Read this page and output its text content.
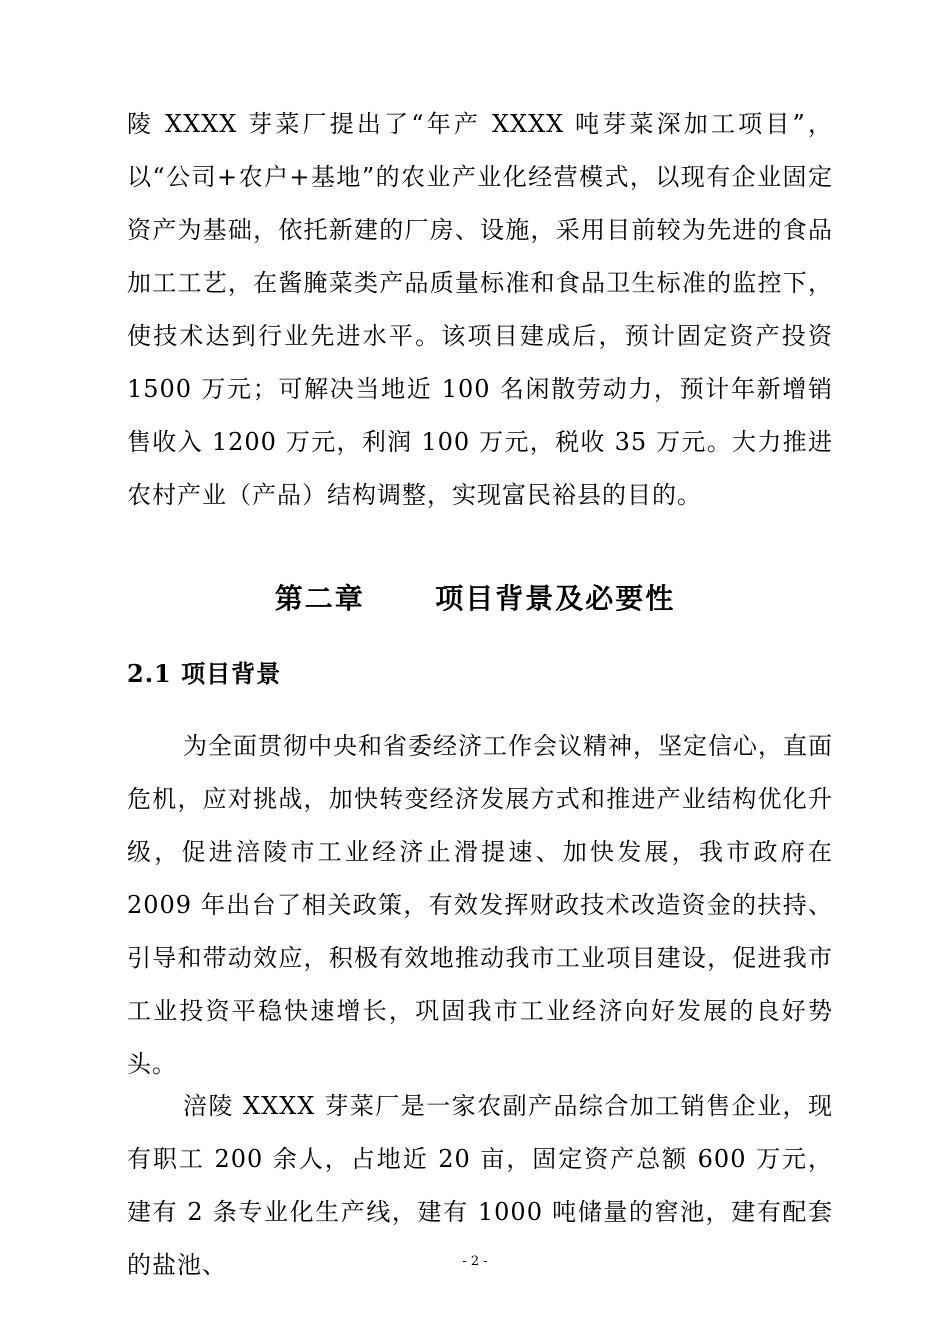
陵 XXXX 芽菜厂提出了“年产 XXXX 吨芽菜深加工项目”，以“公司+农户+基地”的农业产业化经营模式，以现有企业固定资产为基础，依托新建的厂房、设施，采用目前较为先进的食品加工工艺，在酱腌菜类产品质量标准和食品卫生标准的监控下，使技术达到行业先进水平。该项目建成后，预计固定资产投资 1500 万元；可解决当地近 100 名闲散劳动力，预计年新增销售收入 1200 万元，利润 100 万元，税收 35 万元。大力推进农村产业（产品）结构调整，实现富民裕县的目的。

第二章      项目背景及必要性
2.1 项目背景

为全面贯彻中央和省委经济工作会议精神，坚定信心，直面危机，应对挑战，加快转变经济发展方式和推进产业结构优化升级，促进涪陵市工业经济止滑提速、加快发展，我市政府在 2009 年出台了相关政策，有效发挥财政技术改造资金的扶持、引导和带动效应，积极有效地推动我市工业项目建设，促进我市工业投资平稳快速增长，巩固我市工业经济向好发展的良好势头。

涪陵 XXXX 芽菜厂是一家农副产品综合加工销售企业，现有职工 200 余人，占地近 20 亩，固定资产总额 600 万元，建有 2 条专业化生产线，建有 1000 吨储量的窖池，建有配套的盐池、	- 2 -
